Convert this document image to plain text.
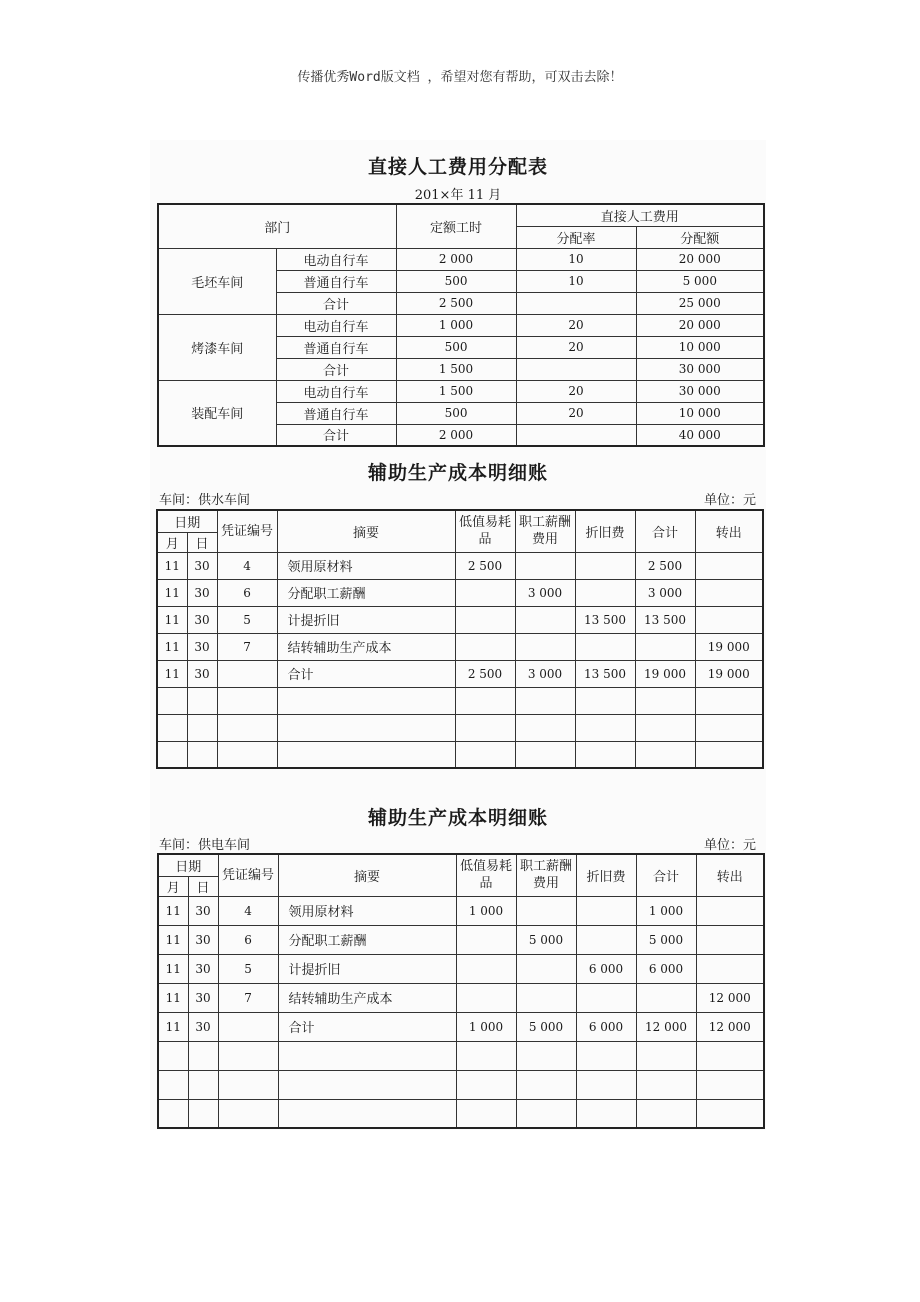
传播优秀Word版文档 ，希望对您有帮助，可双击去除！
直接人工费用分配表
201×年 11 月
部门		定额工时	直接人工费用	
			分配率	分配额
毛坯车间	电动自行车	2 000	10	20 000
	普通自行车	500	10	5 000
	合计	2 500		25 000
烤漆车间	电动自行车	1 000	20	20 000
	普通自行车	500	20	10 000
	合计	1 500		30 000
装配车间	电动自行车	1 500	20	30 000
	普通自行车	500	20	10 000
	合计	2 000		40 000
辅助生产成本明细账
车间：供水车间	单位：元
日期		凭证编号	摘要	低值易耗品	职工薪酬费用	折旧费	合计	转出
月	日							
11	30	4	领用原材料	2 500			2 500	
11	30	6	分配职工薪酬		3 000		3 000	
11	30	5	计提折旧			13 500	13 500	
11	30	7	结转辅助生产成本					19 000
11	30		合计	2 500	3 000	13 500	19 000	19 000

辅助生产成本明细账
车间：供电车间	单位：元
日期		凭证编号	摘要	低值易耗品	职工薪酬费用	折旧费	合计	转出
月	日							
11	30	4	领用原材料	1 000			1 000	
11	30	6	分配职工薪酬		5 000		5 000	
11	30	5	计提折旧			6 000	6 000	
11	30	7	结转辅助生产成本					12 000
11	30		合计	1 000	5 000	6 000	12 000	12 000
